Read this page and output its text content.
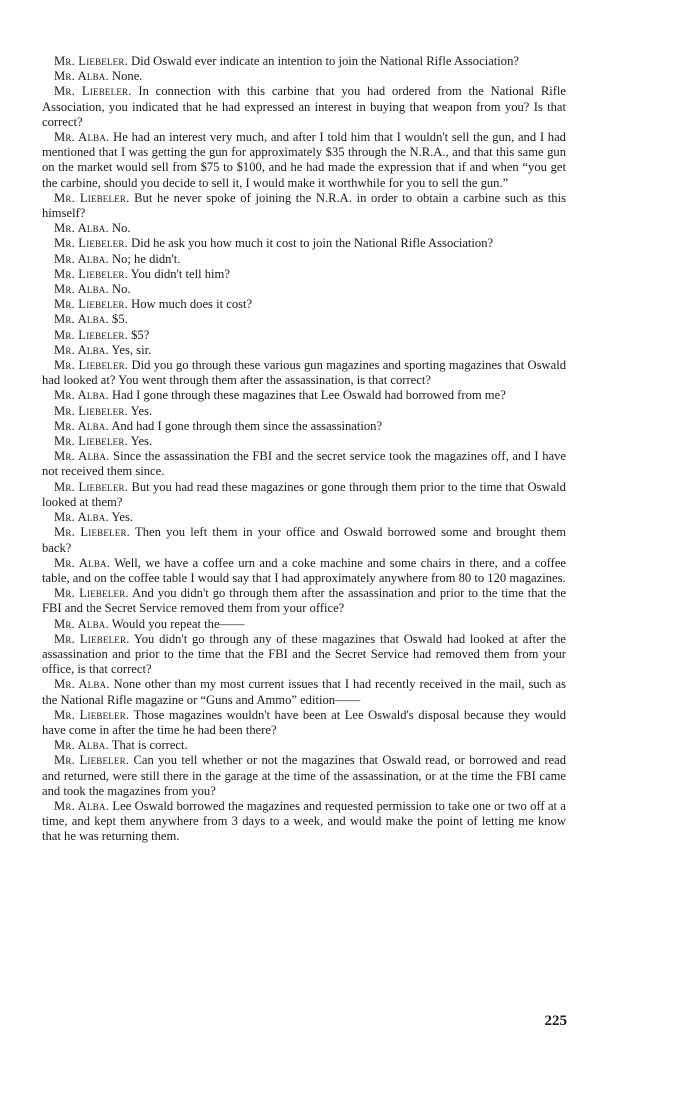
Mr. Liebeler. Did Oswald ever indicate an intention to join the National Rifle Association?

Mr. Alba. None.

Mr. Liebeler. In connection with this carbine that you had ordered from the National Rifle Association, you indicated that he had expressed an interest in buying that weapon from you? Is that correct?

Mr. Alba. He had an interest very much, and after I told him that I wouldn't sell the gun, and I had mentioned that I was getting the gun for approximately $35 through the N.R.A., and that this same gun on the market would sell from $75 to $100, and he had made the expression that if and when “you get the carbine, should you decide to sell it, I would make it worthwhile for you to sell the gun.”

Mr. Liebeler. But he never spoke of joining the N.R.A. in order to obtain a carbine such as this himself?

Mr. Alba. No.

Mr. Liebeler. Did he ask you how much it cost to join the National Rifle Association?

Mr. Alba. No; he didn't.

Mr. Liebeler. You didn't tell him?

Mr. Alba. No.

Mr. Liebeler. How much does it cost?

Mr. Alba. $5.

Mr. Liebeler. $5?

Mr. Alba. Yes, sir.

Mr. Liebeler. Did you go through these various gun magazines and sporting magazines that Oswald had looked at? You went through them after the assassination, is that correct?

Mr. Alba. Had I gone through these magazines that Lee Oswald had borrowed from me?

Mr. Liebeler. Yes.

Mr. Alba. And had I gone through them since the assassination?

Mr. Liebeler. Yes.

Mr. Alba. Since the assassination the FBI and the secret service took the magazines off, and I have not received them since.

Mr. Liebeler. But you had read these magazines or gone through them prior to the time that Oswald looked at them?

Mr. Alba. Yes.

Mr. Liebeler. Then you left them in your office and Oswald borrowed some and brought them back?

Mr. Alba. Well, we have a coffee urn and a coke machine and some chairs in there, and a coffee table, and on the coffee table I would say that I had approximately anywhere from 80 to 120 magazines.

Mr. Liebeler. And you didn't go through them after the assassination and prior to the time that the FBI and the Secret Service removed them from your office?

Mr. Alba. Would you repeat the——

Mr. Liebeler. You didn't go through any of these magazines that Oswald had looked at after the assassination and prior to the time that the FBI and the Secret Service had removed them from your office, is that correct?

Mr. Alba. None other than my most current issues that I had recently received in the mail, such as the National Rifle magazine or “Guns and Ammo” edition——

Mr. Liebeler. Those magazines wouldn't have been at Lee Oswald's disposal because they would have come in after the time he had been there?

Mr. Alba. That is correct.

Mr. Liebeler. Can you tell whether or not the magazines that Oswald read, or borrowed and read and returned, were still there in the garage at the time of the assassination, or at the time the FBI came and took the magazines from you?

Mr. Alba. Lee Oswald borrowed the magazines and requested permission to take one or two off at a time, and kept them anywhere from 3 days to a week, and would make the point of letting me know that he was returning them.

225
